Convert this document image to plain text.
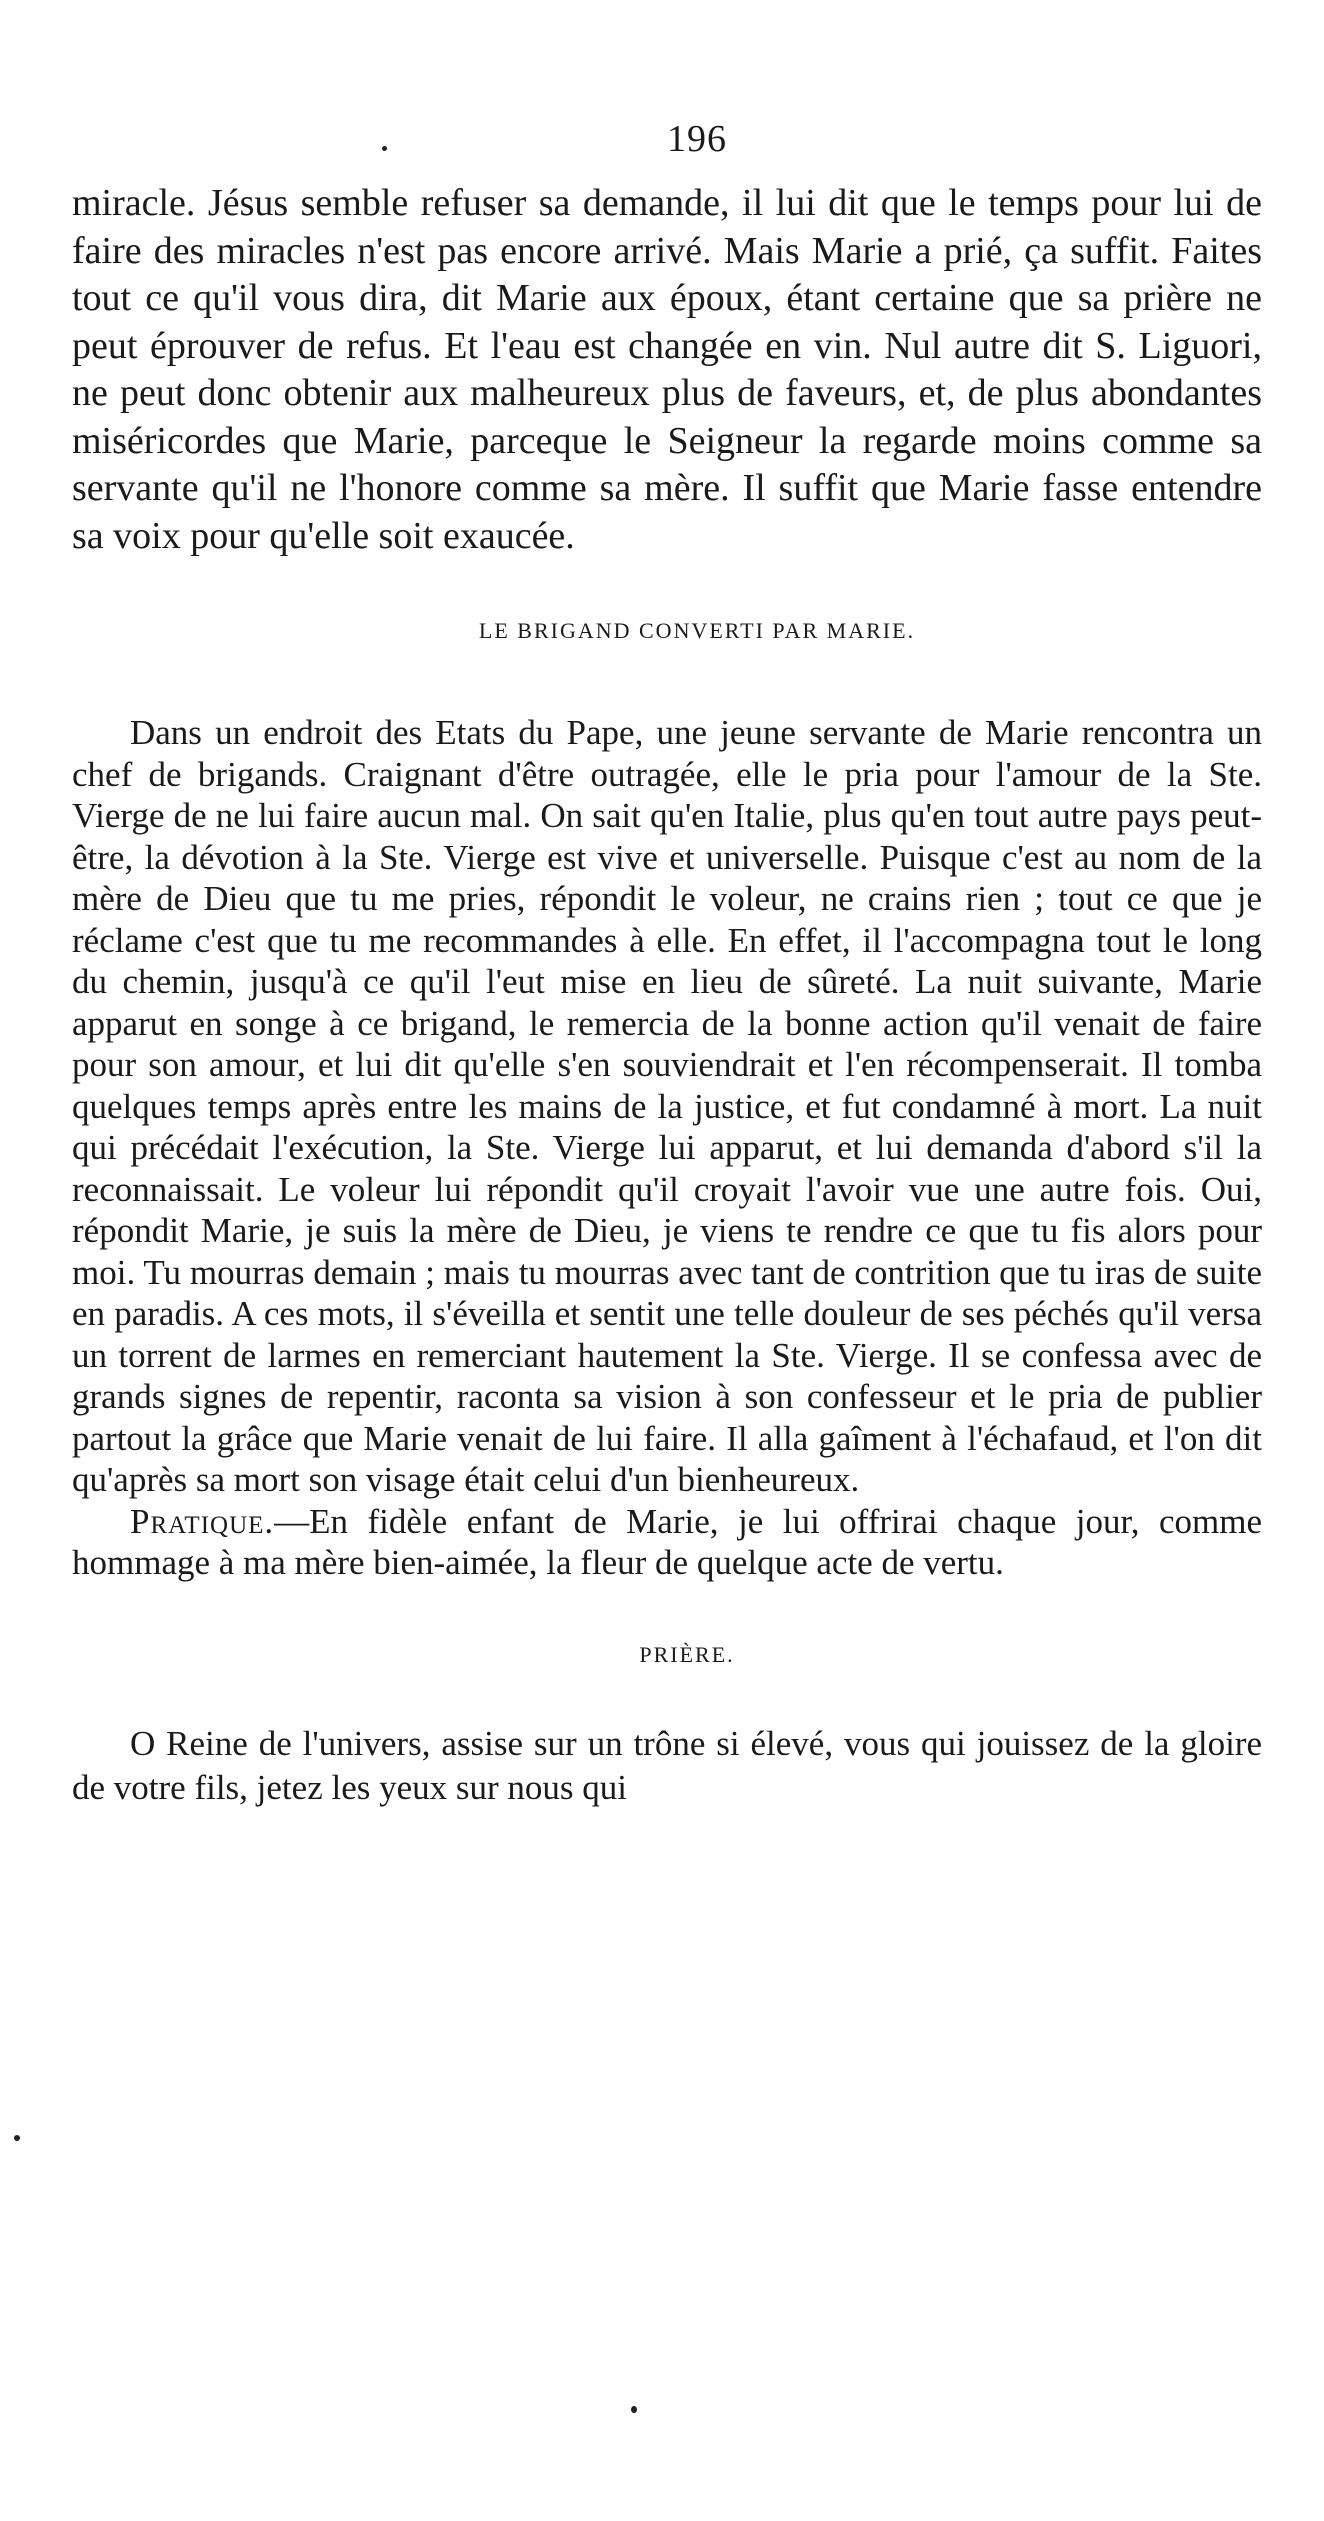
196

miracle. Jésus semble refuser sa demande, il lui dit que le temps pour lui de faire des miracles n'est pas encore arrivé. Mais Marie a prié, ça suffit. Faites tout ce qu'il vous dira, dit Marie aux époux, étant certaine que sa prière ne peut éprouver de refus. Et l'eau est changée en vin. Nul autre dit S. Liguori, ne peut donc obtenir aux malheureux plus de faveurs, et, de plus abondantes miséricordes que Marie, parceque le Seigneur la regarde moins comme sa servante qu'il ne l'honore comme sa mère. Il suffit que Marie fasse entendre sa voix pour qu'elle soit exaucée.

LE BRIGAND CONVERTI PAR MARIE.

Dans un endroit des Etats du Pape, une jeune servante de Marie rencontra un chef de brigands. Craignant d'être outragée, elle le pria pour l'amour de la Ste. Vierge de ne lui faire aucun mal. On sait qu'en Italie, plus qu'en tout autre pays peut-être, la dévotion à la Ste. Vierge est vive et universelle. Puisque c'est au nom de la mère de Dieu que tu me pries, répondit le voleur, ne crains rien ; tout ce que je réclame c'est que tu me recommandes à elle. En effet, il l'accompagna tout le long du chemin, jusqu'à ce qu'il l'eut mise en lieu de sûreté. La nuit suivante, Marie apparut en songe à ce brigand, le remercia de la bonne action qu'il venait de faire pour son amour, et lui dit qu'elle s'en souviendrait et l'en récompenserait. Il tomba quelques temps après entre les mains de la justice, et fut condamné à mort. La nuit qui précédait l'exécution, la Ste. Vierge lui apparut, et lui demanda d'abord s'il la reconnaissait. Le voleur lui répondit qu'il croyait l'avoir vue une autre fois. Oui, répondit Marie, je suis la mère de Dieu, je viens te rendre ce que tu fis alors pour moi. Tu mourras demain ; mais tu mourras avec tant de contrition que tu iras de suite en paradis. A ces mots, il s'éveilla et sentit une telle douleur de ses péchés qu'il versa un torrent de larmes en remerciant hautement la Ste. Vierge. Il se confessa avec de grands signes de repentir, raconta sa vision à son confesseur et le pria de publier partout la grâce que Marie venait de lui faire. Il alla gaîment à l'échafaud, et l'on dit qu'après sa mort son visage était celui d'un bienheureux.

Pratique.—En fidèle enfant de Marie, je lui offrirai chaque jour, comme hommage à ma mère bien-aimée, la fleur de quelque acte de vertu.

PRIÈRE.

O Reine de l'univers, assise sur un trône si élevé, vous qui jouissez de la gloire de votre fils, jetez les yeux sur nous qui
